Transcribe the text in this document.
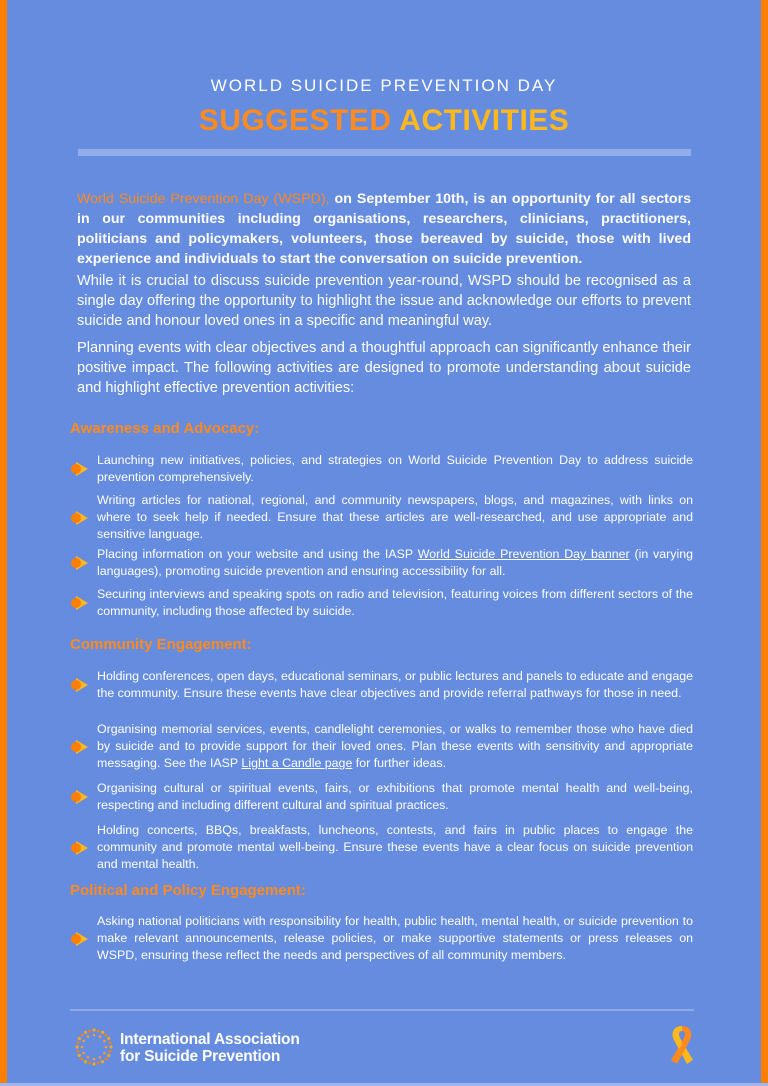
WORLD SUICIDE PREVENTION DAY
SUGGESTED ACTIVITIES
World Suicide Prevention Day (WSPD), on September 10th, is an opportunity for all sectors in our communities including organisations, researchers, clinicians, practitioners, politicians and policymakers, volunteers, those bereaved by suicide, those with lived experience and individuals to start the conversation on suicide prevention.
While it is crucial to discuss suicide prevention year-round, WSPD should be recognised as a single day offering the opportunity to highlight the issue and acknowledge our efforts to prevent suicide and honour loved ones in a specific and meaningful way.
Planning events with clear objectives and a thoughtful approach can significantly enhance their positive impact. The following activities are designed to promote understanding about suicide and highlight effective prevention activities:
Awareness and Advocacy:
Launching new initiatives, policies, and strategies on World Suicide Prevention Day to address suicide prevention comprehensively.
Writing articles for national, regional, and community newspapers, blogs, and magazines, with links on where to seek help if needed. Ensure that these articles are well-researched, and use appropriate and sensitive language.
Placing information on your website and using the IASP World Suicide Prevention Day banner (in varying languages), promoting suicide prevention and ensuring accessibility for all.
Securing interviews and speaking spots on radio and television, featuring voices from different sectors of the community, including those affected by suicide.
Community Engagement:
Holding conferences, open days, educational seminars, or public lectures and panels to educate and engage the community. Ensure these events have clear objectives and provide referral pathways for those in need.
Organising memorial services, events, candlelight ceremonies, or walks to remember those who have died by suicide and to provide support for their loved ones. Plan these events with sensitivity and appropriate messaging. See the IASP Light a Candle page for further ideas.
Organising cultural or spiritual events, fairs, or exhibitions that promote mental health and well-being, respecting and including different cultural and spiritual practices.
Holding concerts, BBQs, breakfasts, luncheons, contests, and fairs in public places to engage the community and promote mental well-being. Ensure these events have a clear focus on suicide prevention and mental health.
Political and Policy Engagement:
Asking national politicians with responsibility for health, public health, mental health, or suicide prevention to make relevant announcements, release policies, or make supportive statements or press releases on WSPD, ensuring these reflect the needs and perspectives of all community members.
International Association
for Suicide Prevention
